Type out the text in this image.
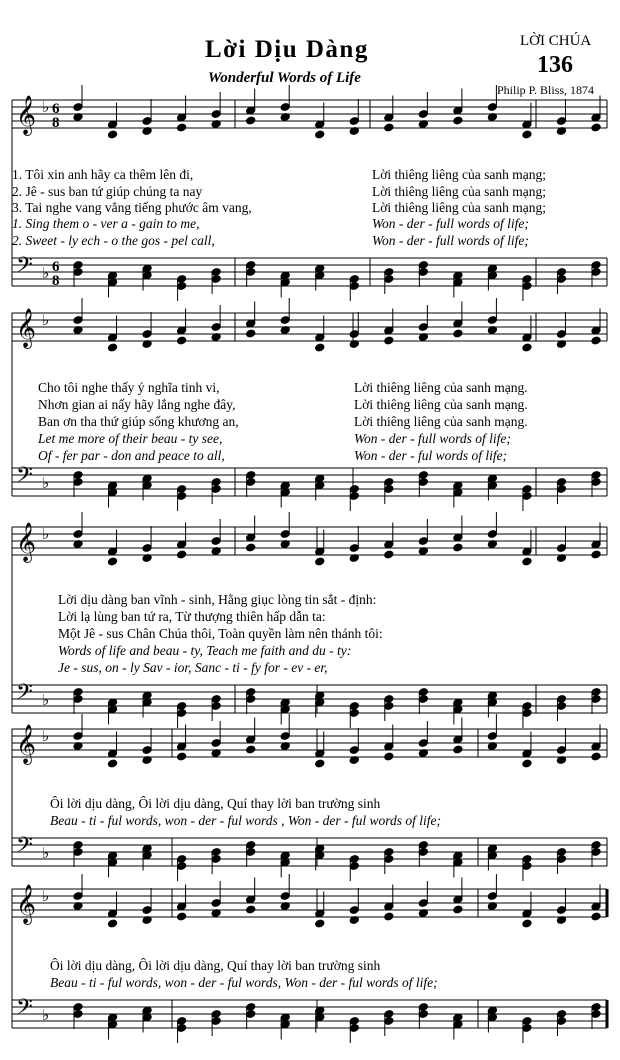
Lời Dịu Dàng
Wonderful Words of Life
LỜI CHÚA
136
Philip P. Bliss, 1874
𝄞 ♭
𝄢 ♭
𝄞 ♭
𝄢 ♭
𝄞 ♭
𝄢 ♭
𝄞 ♭
𝄢 ♭
𝄞 ♭
𝄢 ♭
6
8
6
8
1. Tôi xin anh hãy ca thêm lên đi,
2. Jê - sus ban tứ giúp chúng ta nay
3. Tai nghe vang vẳng tiếng phước âm vang,
1. Sing them o - ver a - gain to me,
2. Sweet - ly ech - o the gos - pel call,
Lời thiêng liêng của sanh mạng;
Lời thiêng liêng của sanh mạng;
Lời thiêng liêng của sanh mạng;
Won - der - full words of life;
Won - der - full words of life;
Cho tôi nghe thấy ý nghĩa tinh vi,
Nhơn gian ai nấy hãy lắng nghe đây,
Ban ơn tha thứ giúp sống khương an,
Let me more of their beau - ty see,
Of - fer par - don and peace to all,
Lời thiêng liêng của sanh mạng.
Lời thiêng liêng của sanh mạng.
Lời thiêng liêng của sanh mạng.
Won - der - full words of life;
Won - der - ful words of life;
Lời dịu dàng ban vĩnh - sinh, Hằng giục lòng tin sắt - định:
Lời lạ lùng ban tứ ra, Từ thượng thiên hấp dẫn ta:
Một Jê - sus Chân Chúa thôi, Toàn quyền làm nên thánh tôi:
Words of life and beau - ty, Teach me faith and du - ty:
Je - sus, on - ly Sav - ior, Sanc - ti - fy for - ev - er,
Ôi lời dịu dàng, Ôi lời dịu dàng, Quí thay lời ban trường sinh
Beau - ti - ful words, won - der - ful words , Won - der - ful words of life;
Ôi lời dịu dàng, Ôi lời dịu dàng, Quí thay lời ban trường sinh
Beau - ti - ful words, won - der - ful words, Won - der - ful words of life;
